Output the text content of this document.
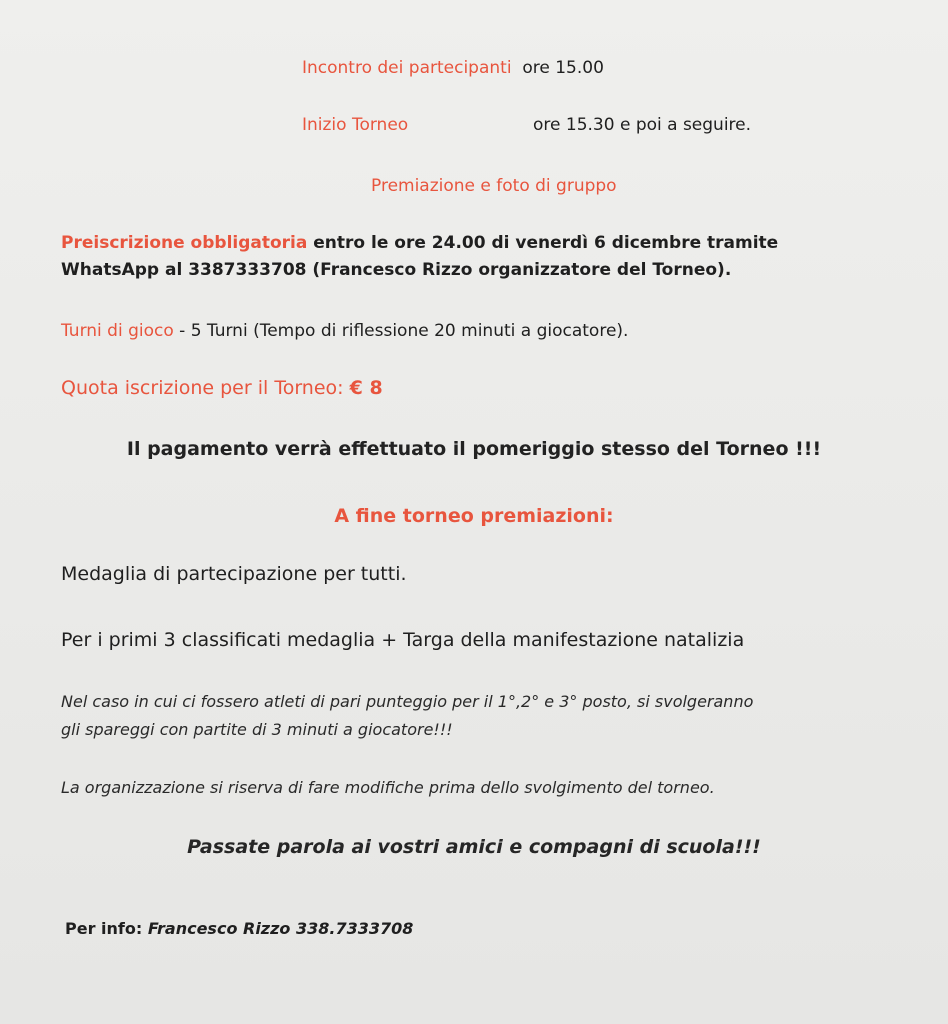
Incontro dei partecipanti ore 15.00
Inizio Torneo	ore 15.30 e poi a seguire.
Premiazione e foto di gruppo
Preiscrizione obbligatoria entro le ore 24.00 di venerdì 6 dicembre tramite
WhatsApp al 3387333708 (Francesco Rizzo organizzatore del Torneo).
Turni di gioco - 5 Turni (Tempo di riflessione 20 minuti a giocatore).
Quota iscrizione per il Torneo: € 8
Il pagamento verrà effettuato il pomeriggio stesso del Torneo !!!
A fine torneo premiazioni:
Medaglia di partecipazione per tutti.
Per i primi 3 classificati medaglia + Targa della manifestazione natalizia
Nel caso in cui ci fossero atleti di pari punteggio per il 1°,2° e 3° posto, si svolgeranno
gli spareggi con partite di 3 minuti a giocatore!!!
La organizzazione si riserva di fare modifiche prima dello svolgimento del torneo.
Passate parola ai vostri amici e compagni di scuola!!!
Per info: Francesco Rizzo 338.7333708
